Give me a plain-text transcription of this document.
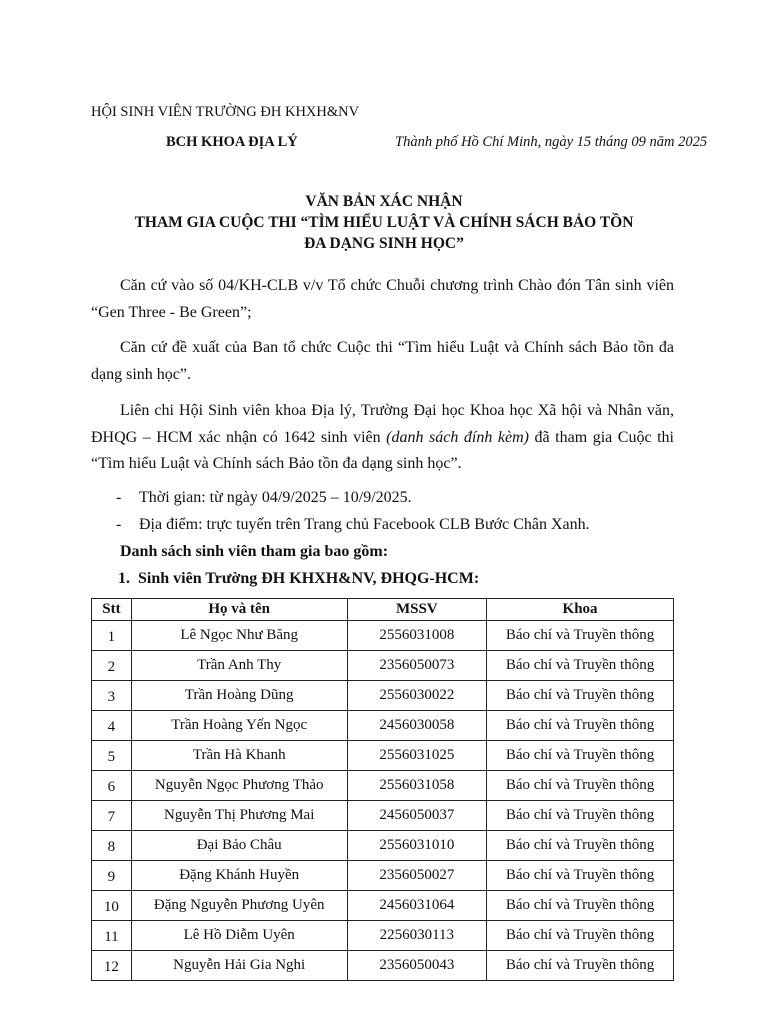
HỘI SINH VIÊN TRƯỜNG ĐH KHXH&NV
BCH KHOA ĐỊA LÝ	Thành phố Hồ Chí Minh, ngày 15 tháng 09 năm 2025
VĂN BẢN XÁC NHẬN
THAM GIA CUỘC THI “TÌM HIỂU LUẬT VÀ CHÍNH SÁCH BẢO TỒN
ĐA DẠNG SINH HỌC”
Căn cứ vào số 04/KH-CLB v/v Tổ chức Chuỗi chương trình Chào đón Tân sinh viên “Gen Three - Be Green”;
Căn cứ đề xuất của Ban tổ chức Cuộc thi “Tìm hiểu Luật và Chính sách Bảo tồn đa dạng sinh học”.
Liên chi Hội Sinh viên khoa Địa lý, Trường Đại học Khoa học Xã hội và Nhân văn, ĐHQG – HCM xác nhận có 1642 sinh viên (danh sách đính kèm) đã tham gia Cuộc thi “Tìm hiểu Luật và Chính sách Bảo tồn đa dạng sinh học”.
- Thời gian: từ ngày 04/9/2025 – 10/9/2025.
- Địa điểm: trực tuyến trên Trang chủ Facebook CLB Bước Chân Xanh.
Danh sách sinh viên tham gia bao gồm:
1.  Sinh viên Trường ĐH KHXH&NV, ĐHQG-HCM:
Stt	Họ và tên	MSSV	Khoa
1	Lê Ngọc Như Băng	2556031008	Báo chí và Truyền thông
2	Trần Anh Thy	2356050073	Báo chí và Truyền thông
3	Trần Hoàng Dũng	2556030022	Báo chí và Truyền thông
4	Trần Hoàng Yến Ngọc	2456030058	Báo chí và Truyền thông
5	Trần Hà Khanh	2556031025	Báo chí và Truyền thông
6	Nguyễn Ngọc Phương Thảo	2556031058	Báo chí và Truyền thông
7	Nguyễn Thị Phương Mai	2456050037	Báo chí và Truyền thông
8	Đại Bảo Châu	2556031010	Báo chí và Truyền thông
9	Đặng Khánh Huyền	2356050027	Báo chí và Truyền thông
10	Đặng Nguyễn Phương Uyên	2456031064	Báo chí và Truyền thông
11	Lê Hồ Diễm Uyên	2256030113	Báo chí và Truyền thông
12	Nguyễn Hải Gia Nghi	2356050043	Báo chí và Truyền thông
